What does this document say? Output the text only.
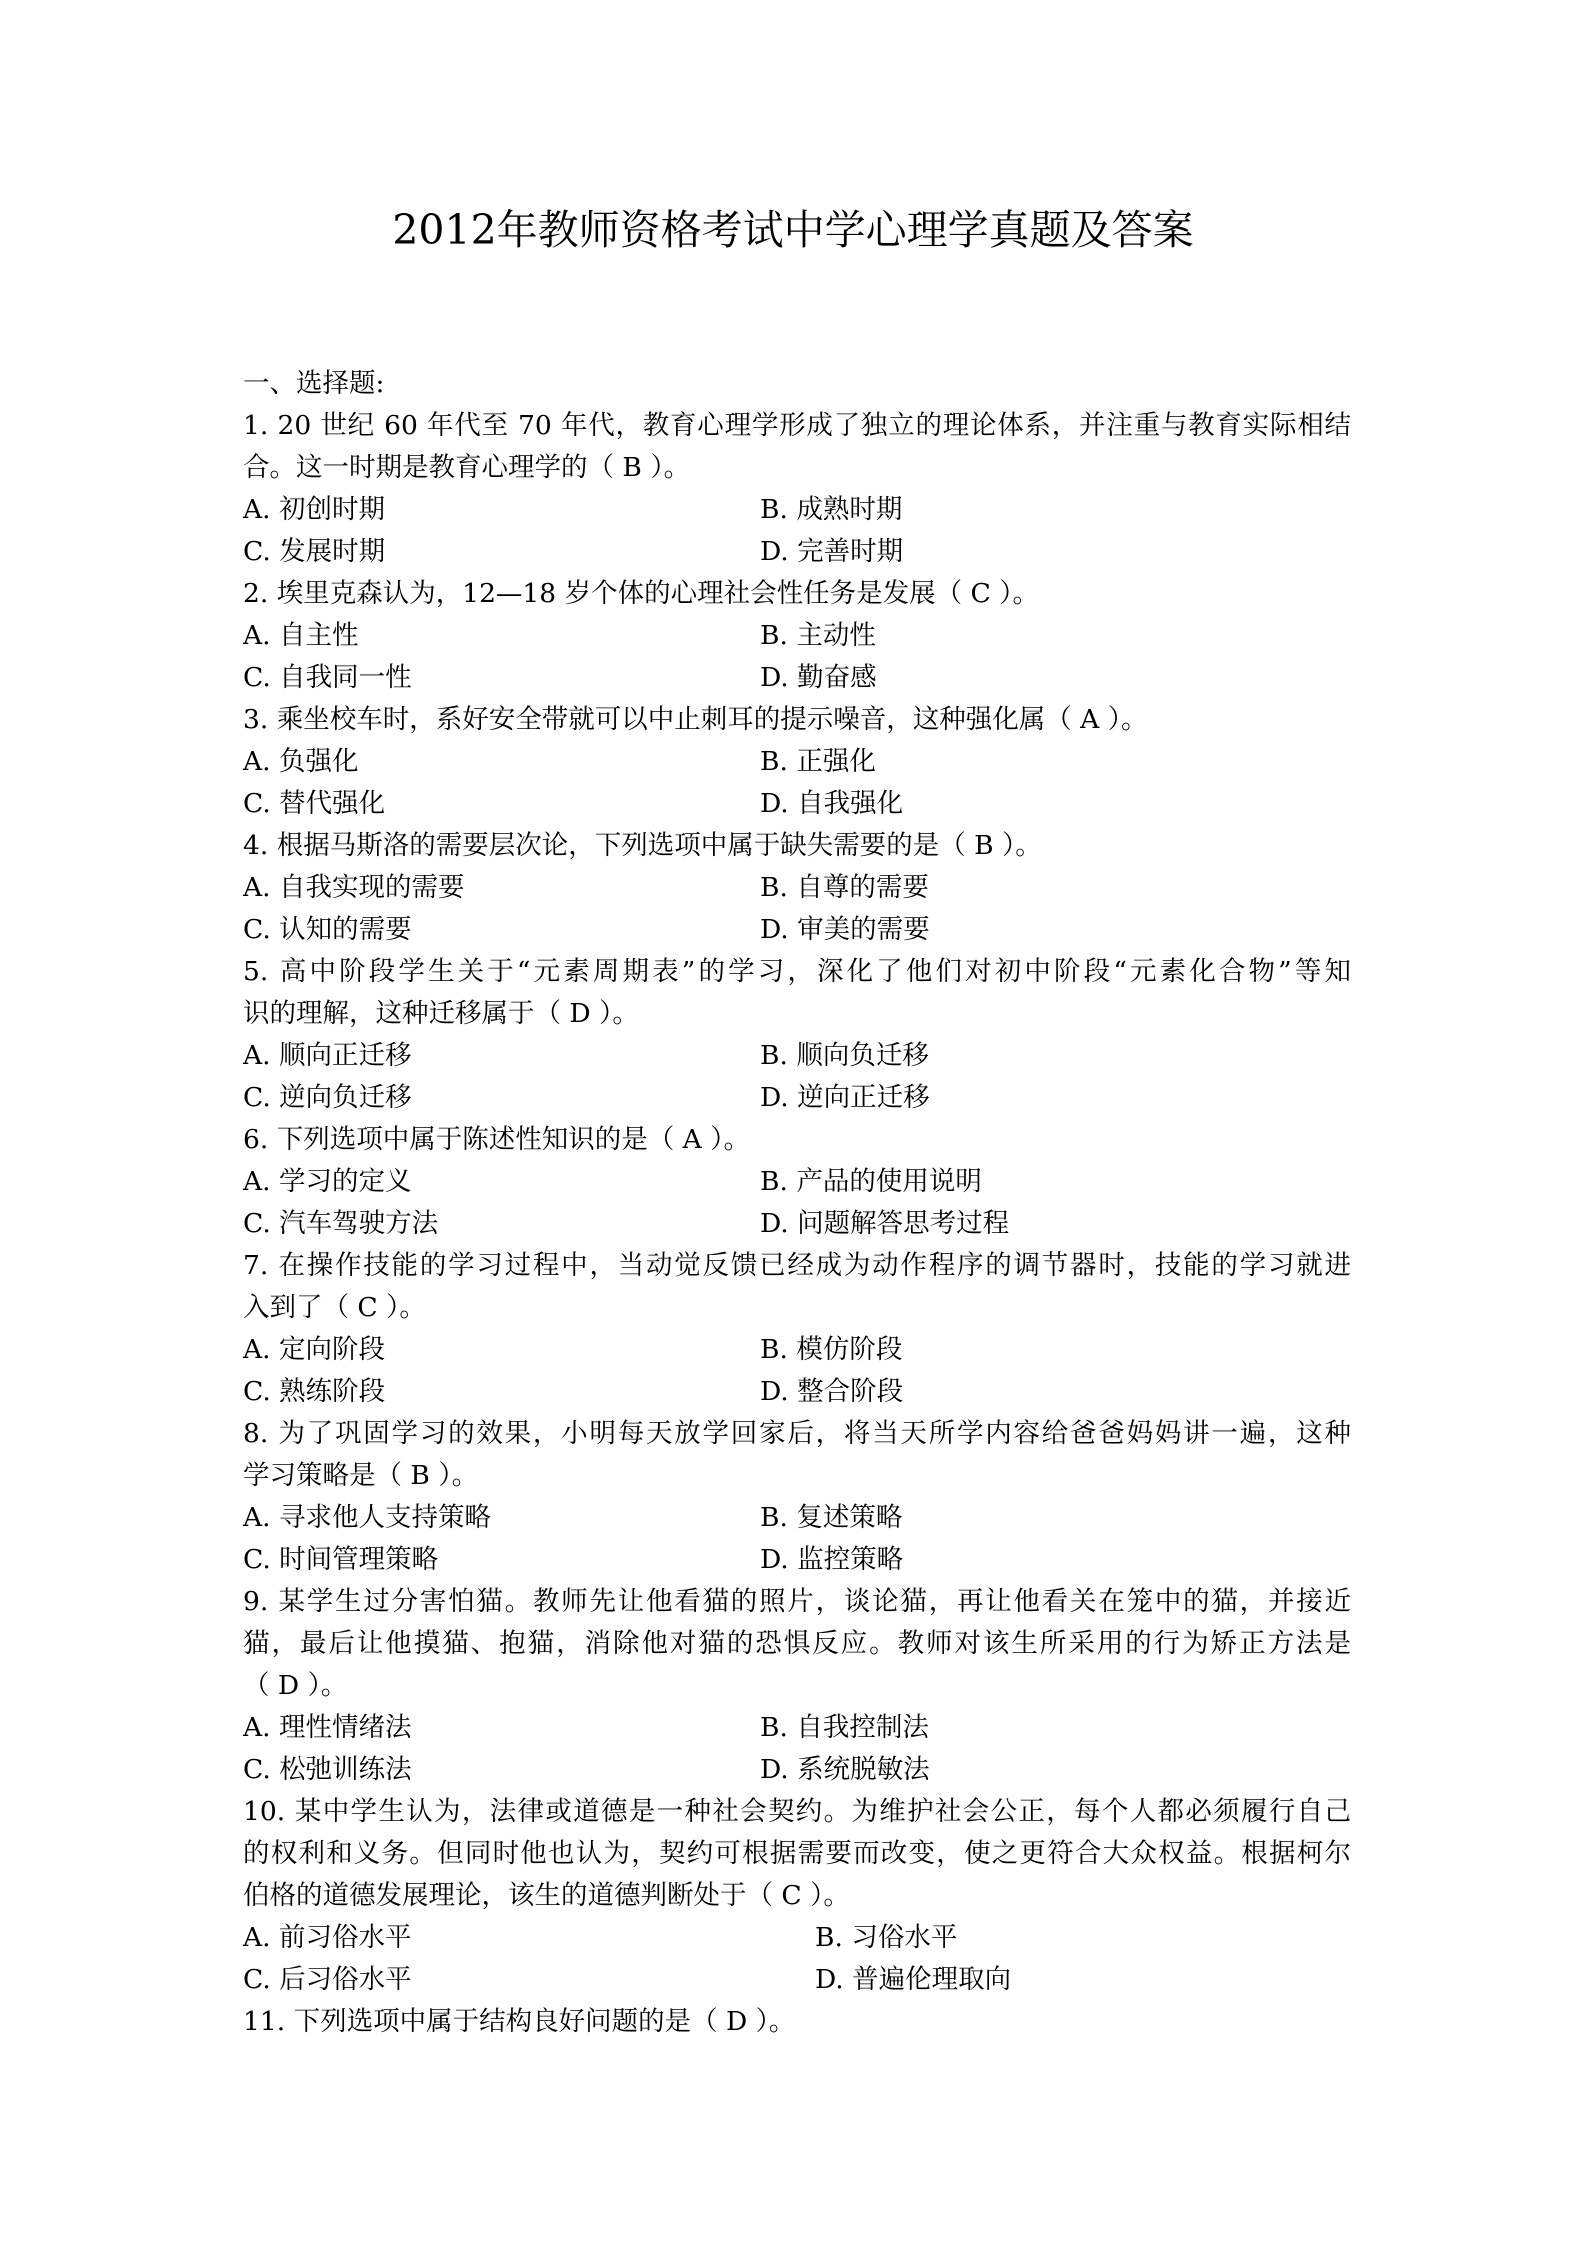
2012年教师资格考试中学心理学真题及答案
一、选择题:
1. 20 世纪 60 年代至 70 年代，教育心理学形成了独立的理论体系，并注重与教育实际相结
合。这一时期是教育心理学的（ B ）。
A. 初创时期	B. 成熟时期
C. 发展时期	D. 完善时期
2. 埃里克森认为，12—18 岁个体的心理社会性任务是发展（ C ）。
A. 自主性	B. 主动性
C. 自我同一性	D. 勤奋感
3. 乘坐校车时，系好安全带就可以中止刺耳的提示噪音，这种强化属（ A ）。
A. 负强化	B. 正强化
C. 替代强化	D. 自我强化
4. 根据马斯洛的需要层次论，下列选项中属于缺失需要的是（ B ）。
A. 自我实现的需要	B. 自尊的需要
C. 认知的需要	D. 审美的需要
5. 高中阶段学生关于“元素周期表”的学习，深化了他们对初中阶段“元素化合物”等知
识的理解，这种迁移属于（ D ）。
A. 顺向正迁移	B. 顺向负迁移
C. 逆向负迁移	D. 逆向正迁移
6. 下列选项中属于陈述性知识的是（ A ）。
A. 学习的定义	B. 产品的使用说明
C. 汽车驾驶方法	D. 问题解答思考过程
7. 在操作技能的学习过程中，当动觉反馈已经成为动作程序的调节器时，技能的学习就进
入到了（ C ）。
A. 定向阶段	B. 模仿阶段
C. 熟练阶段	D. 整合阶段
8. 为了巩固学习的效果，小明每天放学回家后，将当天所学内容给爸爸妈妈讲一遍，这种
学习策略是（ B ）。
A. 寻求他人支持策略	B. 复述策略
C. 时间管理策略	D. 监控策略
9. 某学生过分害怕猫。教师先让他看猫的照片，谈论猫，再让他看关在笼中的猫，并接近
猫，最后让他摸猫、抱猫，消除他对猫的恐惧反应。教师对该生所采用的行为矫正方法是
（ D ）。
A. 理性情绪法	B. 自我控制法
C. 松弛训练法	D. 系统脱敏法
10. 某中学生认为，法律或道德是一种社会契约。为维护社会公正，每个人都必须履行自己
的权利和义务。但同时他也认为，契约可根据需要而改变，使之更符合大众权益。根据柯尔
伯格的道德发展理论，该生的道德判断处于（ C ）。
A. 前习俗水平	B. 习俗水平
C. 后习俗水平	D. 普遍伦理取向
11. 下列选项中属于结构良好问题的是（ D ）。
